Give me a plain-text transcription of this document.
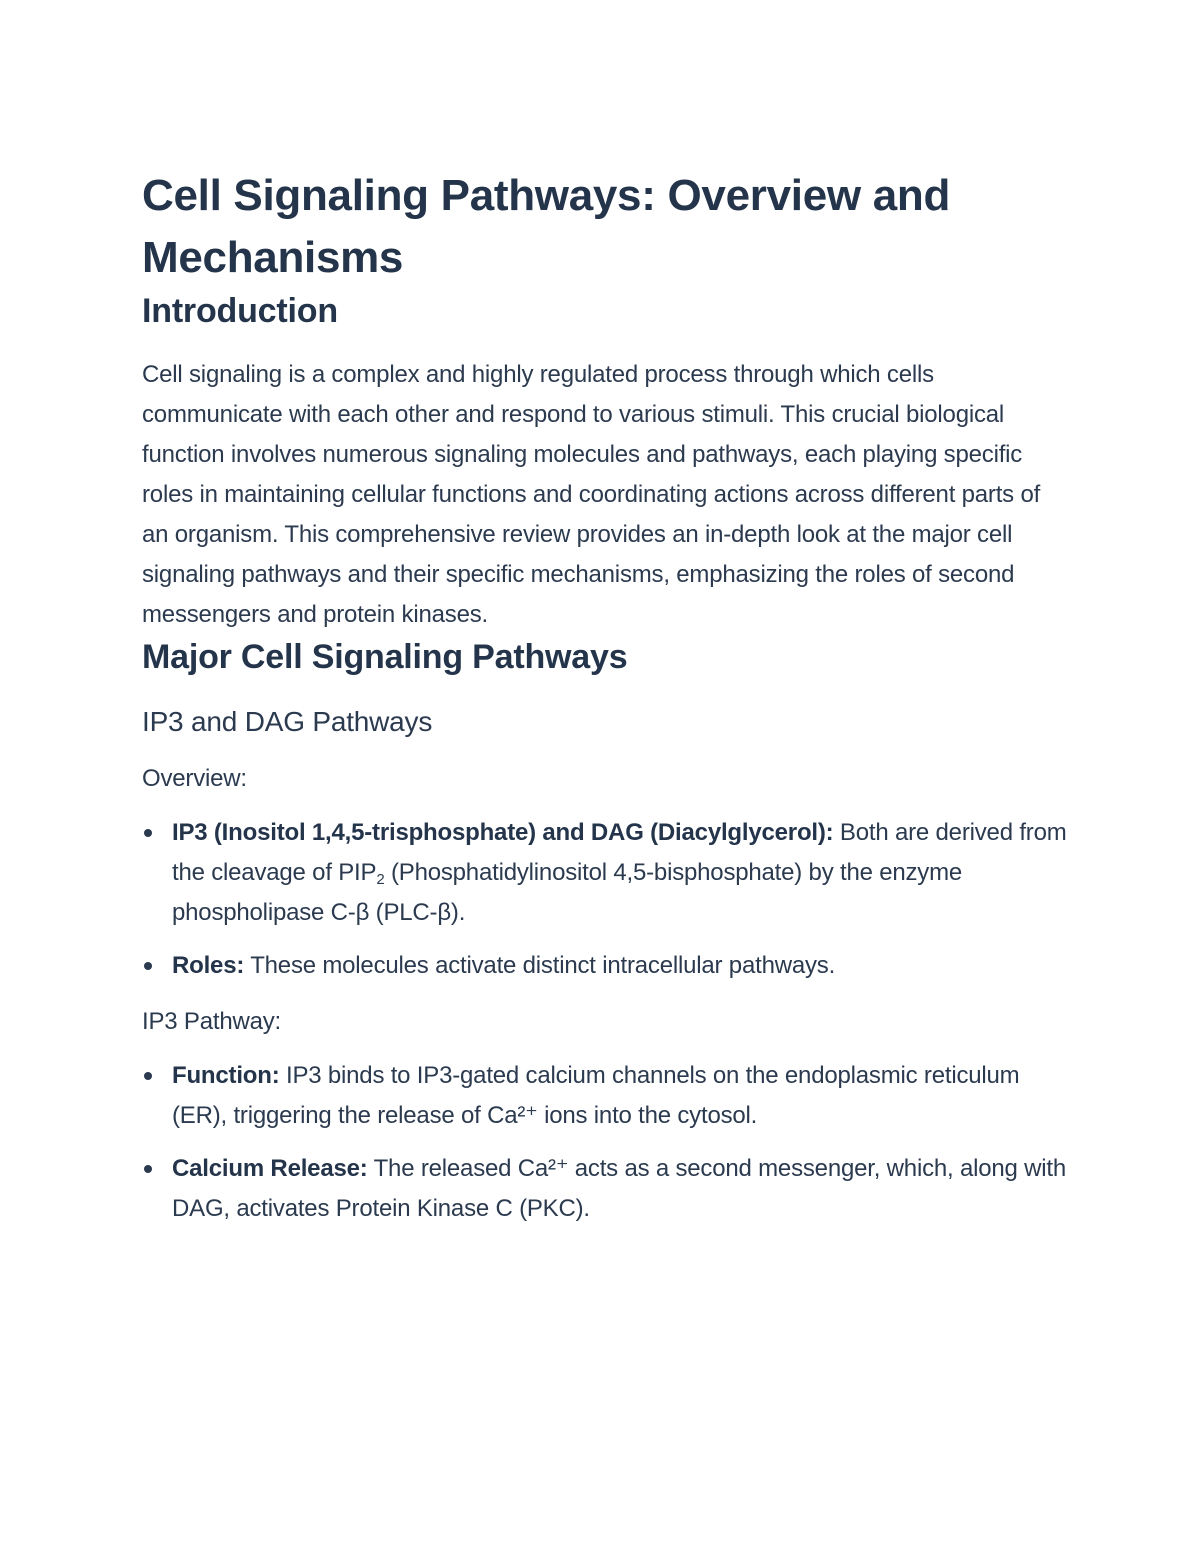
Cell Signaling Pathways: Overview and
Mechanisms
Introduction

Cell signaling is a complex and highly regulated process through which cells communicate with each other and respond to various stimuli. This crucial biological function involves numerous signaling molecules and pathways, each playing specific roles in maintaining cellular functions and coordinating actions across different parts of an organism. This comprehensive review provides an in-depth look at the major cell signaling pathways and their specific mechanisms, emphasizing the roles of second messengers and protein kinases.

Major Cell Signaling Pathways
IP3 and DAG Pathways

Overview:

IP3 (Inositol 1,4,5-trisphosphate) and DAG (Diacylglycerol): Both are derived from the cleavage of $PIP_2$ (Phosphatidylinositol 4,5-bisphosphate) by the enzyme phospholipase C-β (PLC-β).
Roles: These molecules activate distinct intracellular pathways.

IP3 Pathway:

Function: IP3 binds to IP3-gated calcium channels on the endoplasmic reticulum (ER), triggering the release of Ca²⁺ ions into the cytosol.
Calcium Release: The released Ca²⁺ acts as a second messenger, which, along with DAG, activates Protein Kinase C (PKC).
